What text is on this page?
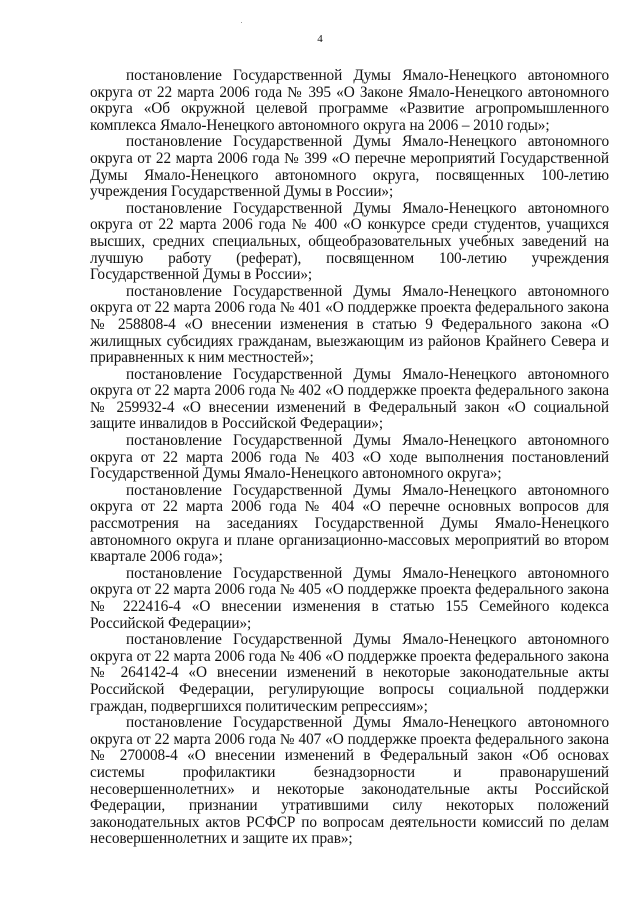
4

постановление Государственной Думы Ямало-Ненецкого автономного округа от 22 марта 2006 года № 395 «О Законе Ямало-Ненецкого автономного округа «Об окружной целевой программе «Развитие агропромышленного комплекса Ямало-Ненецкого автономного округа на 2006 – 2010 годы»;

постановление Государственной Думы Ямало-Ненецкого автономного округа от 22 марта 2006 года № 399 «О перечне мероприятий Государственной Думы Ямало-Ненецкого автономного округа, посвященных 100-летию учреждения Государственной Думы в России»;

постановление Государственной Думы Ямало-Ненецкого автономного округа от 22 марта 2006 года № 400 «О конкурсе среди студентов, учащихся высших, средних специальных, общеобразовательных учебных заведений на лучшую работу (реферат), посвященном 100-летию учреждения Государственной Думы в России»;

постановление Государственной Думы Ямало-Ненецкого автономного округа от 22 марта 2006 года № 401 «О поддержке проекта федерального закона № 258808-4 «О внесении изменения в статью 9 Федерального закона «О жилищных субсидиях гражданам, выезжающим из районов Крайнего Севера и приравненных к ним местностей»;

постановление Государственной Думы Ямало-Ненецкого автономного округа от 22 марта 2006 года № 402 «О поддержке проекта федерального закона № 259932-4 «О внесении изменений в Федеральный закон «О социальной защите инвалидов в Российской Федерации»;

постановление Государственной Думы Ямало-Ненецкого автономного округа от 22 марта 2006 года № 403 «О ходе выполнения постановлений Государственной Думы Ямало-Ненецкого автономного округа»;

постановление Государственной Думы Ямало-Ненецкого автономного округа от 22 марта 2006 года № 404 «О перечне основных вопросов для рассмотрения на заседаниях Государственной Думы Ямало-Ненецкого автономного округа и плане организационно-массовых мероприятий во втором квартале 2006 года»;

постановление Государственной Думы Ямало-Ненецкого автономного округа от 22 марта 2006 года № 405 «О поддержке проекта федерального закона № 222416-4 «О внесении изменения в статью 155 Семейного кодекса Российской Федерации»;

постановление Государственной Думы Ямало-Ненецкого автономного округа от 22 марта 2006 года № 406 «О поддержке проекта федерального закона № 264142-4 «О внесении изменений в некоторые законодательные акты Российской Федерации, регулирующие вопросы социальной поддержки граждан, подвергшихся политическим репрессиям»;

постановление Государственной Думы Ямало-Ненецкого автономного округа от 22 марта 2006 года № 407 «О поддержке проекта федерального закона № 270008-4 «О внесении изменений в Федеральный закон «Об основах системы профилактики безнадзорности и правонарушений несовершеннолетних» и некоторые законодательные акты Российской Федерации, признании утратившими силу некоторых положений законодательных актов РСФСР по вопросам деятельности комиссий по делам несовершеннолетних и защите их прав»;
